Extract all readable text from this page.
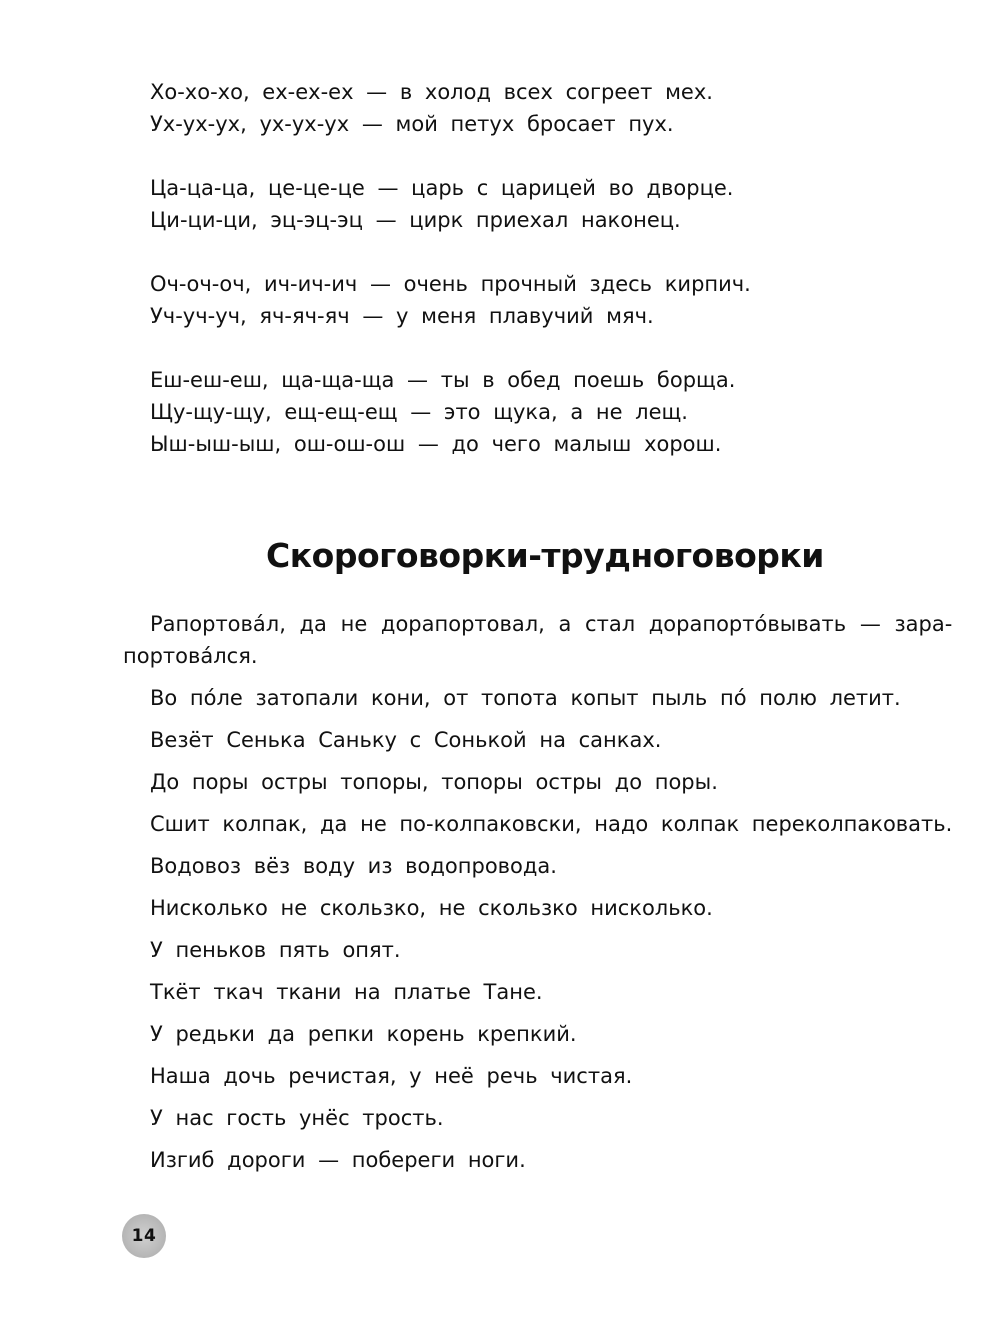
Хо-хо-хо, ех-ех-ех — в холод всех согреет мех.
Ух-ух-ух, ух-ух-ух — мой петух бросает пух.
Ца-ца-ца, це-це-це — царь с царицей во дворце.
Ци-ци-ци, эц-эц-эц — цирк приехал наконец.
Оч-оч-оч, ич-ич-ич — очень прочный здесь кирпич.
Уч-уч-уч, яч-яч-яч — у меня плавучий мяч.
Еш-еш-еш, ща-ща-ща — ты в обед поешь борща.
Щу-щу-щу, ещ-ещ-ещ — это щука, а не лещ.
Ыш-ыш-ыш, ош-ош-ош — до чего малыш хорош.
Скороговорки-трудноговорки
Рапортова́л, да не дорапортовал, а стал дорапорто́вывать — зара-
портова́лся.
Во по́ле затопали кони, от топота копыт пыль по́ полю летит.
Везёт Сенька Саньку с Сонькой на санках.
До поры остры топоры, топоры остры до поры.
Сшит колпак, да не по-колпаковски, надо колпак переколпаковать.
Водовоз вёз воду из водопровода.
Нисколько не скользко, не скользко нисколько.
У пеньков пять опят.
Ткёт ткач ткани на платье Тане.
У редьки да репки корень крепкий.
Наша дочь речистая, у неё речь чистая.
У нас гость унёс трость.
Изгиб дороги — побереги ноги.
14
